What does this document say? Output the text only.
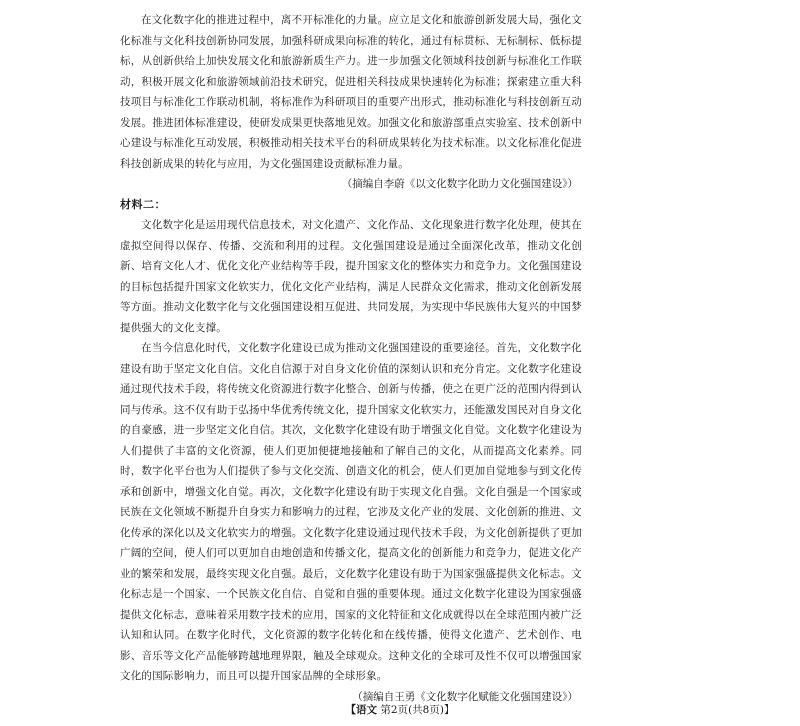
在文化数字化的推进过程中，离不开标准化的力量。应立足文化和旅游创新发展大局，强化文化标准与文化科技创新协同发展，加强科研成果向标准的转化，通过有标贯标、无标制标、低标提标，从创新供给上加快发展文化和旅游新质生产力。进一步加强文化领域科技创新与标准化工作联动，积极开展文化和旅游领域前沿技术研究，促进相关科技成果快速转化为标准；探索建立重大科技项目与标准化工作联动机制，将标准作为科研项目的重要产出形式，推动标准化与科技创新互动发展。推进团体标准建设，使研发成果更快落地见效。加强文化和旅游部重点实验室、技术创新中心建设与标准化互动发展，积极推动相关技术平台的科研成果转化为技术标准。以文化标准化促进科技创新成果的转化与应用，为文化强国建设贡献标准力量。

（摘编自李蔚《以文化数字化助力文化强国建设》）

材料二：

文化数字化是运用现代信息技术，对文化遗产、文化作品、文化现象进行数字化处理，使其在虚拟空间得以保存、传播、交流和利用的过程。文化强国建设是通过全面深化改革，推动文化创新、培育文化人才、优化文化产业结构等手段，提升国家文化的整体实力和竞争力。文化强国建设的目标包括提升国家文化软实力，优化文化产业结构，满足人民群众文化需求，推动文化创新发展等方面。推动文化数字化与文化强国建设相互促进、共同发展，为实现中华民族伟大复兴的中国梦提供强大的文化支撑。

在当今信息化时代，文化数字化建设已成为推动文化强国建设的重要途径。首先，文化数字化建设有助于坚定文化自信。文化自信源于对自身文化价值的深刻认识和充分肯定。文化数字化建设通过现代技术手段，将传统文化资源进行数字化整合、创新与传播，使之在更广泛的范围内得到认同与传承。这不仅有助于弘扬中华优秀传统文化，提升国家文化软实力，还能激发国民对自身文化的自豪感，进一步坚定文化自信。其次，文化数字化建设有助于增强文化自觉。文化数字化建设为人们提供了丰富的文化资源，使人们更加便捷地接触和了解自己的文化，从而提高文化素养。同时，数字化平台也为人们提供了参与文化交流、创造文化的机会，使人们更加自觉地参与到文化传承和创新中，增强文化自觉。再次，文化数字化建设有助于实现文化自强。文化自强是一个国家或民族在文化领域不断提升自身实力和影响力的过程，它涉及文化产业的发展、文化创新的推进、文化传承的深化以及文化软实力的增强。文化数字化建设通过现代技术手段，为文化创新提供了更加广阔的空间，使人们可以更加自由地创造和传播文化，提高文化的创新能力和竞争力，促进文化产业的繁荣和发展，最终实现文化自强。最后，文化数字化建设有助于为国家强盛提供文化标志。文化标志是一个国家、一个民族文化自信、自觉和自强的重要体现。通过文化数字化建设为国家强盛提供文化标志，意味着采用数字技术的应用，国家的文化特征和文化成就得以在全球范围内被广泛认知和认同。在数字化时代，文化资源的数字化转化和在线传播，使得文化遗产、艺术创作、电影、音乐等文化产品能够跨越地理界限，触及全球观众。这种文化的全球可及性不仅可以增强国家文化的国际影响力，而且可以提升国家品牌的全球形象。

（摘编自王勇《文化数字化赋能文化强国建设》）

【语文 第2页(共8页)】
